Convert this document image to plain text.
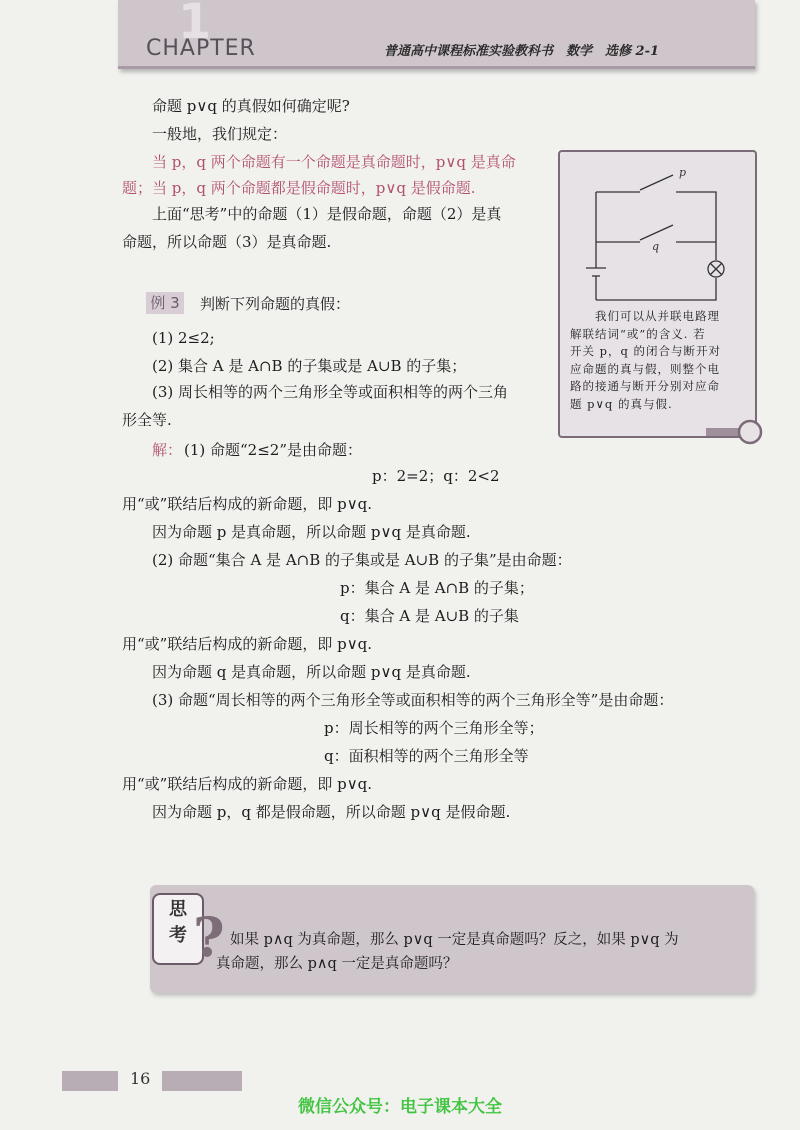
1
CHAPTER	普通高中课程标准实验教科书　数学　选修 2-1
命题 p∨q 的真假如何确定呢?
一般地，我们规定：
当 p，q 两个命题有一个命题是真命题时，p∨q 是真命
题；当 p，q 两个命题都是假命题时，p∨q 是假命题.
上面“思考”中的命题（1）是假命题，命题（2）是真
命题，所以命题（3）是真命题.
例 3 判断下列命题的真假：
(1) 2≤2;
(2) 集合 A 是 A∩B 的子集或是 A∪B 的子集；
(3) 周长相等的两个三角形全等或面积相等的两个三角
形全等.
解： (1) 命题“2≤2”是由命题：
p：2=2；q：2<2
用“或”联结后构成的新命题，即 p∨q.
因为命题 p 是真命题，所以命题 p∨q 是真命题.
(2) 命题“集合 A 是 A∩B 的子集或是 A∪B 的子集”是由命题：
p：集合 A 是 A∩B 的子集；
q：集合 A 是 A∪B 的子集
用“或”联结后构成的新命题，即 p∨q.
因为命题 q 是真命题，所以命题 p∨q 是真命题.
(3) 命题“周长相等的两个三角形全等或面积相等的两个三角形全等”是由命题：
p：周长相等的两个三角形全等；
q：面积相等的两个三角形全等
用“或”联结后构成的新命题，即 p∨q.
因为命题 p，q 都是假命题，所以命题 p∨q 是假命题.
p
q

　　我们可以从并联电路理

解联结词“或”的含义. 若

开关 p，q 的闭合与断开对

应命题的真与假，则整个电

路的接通与断开分别对应命

题 p∨q 的真与假.

思
考 ? 如果 p∧q 为真命题，那么 p∨q 一定是真命题吗？反之，如果 p∨q 为

真命题，那么 p∧q 一定是真命题吗？

16
微信公众号：电子课本大全
